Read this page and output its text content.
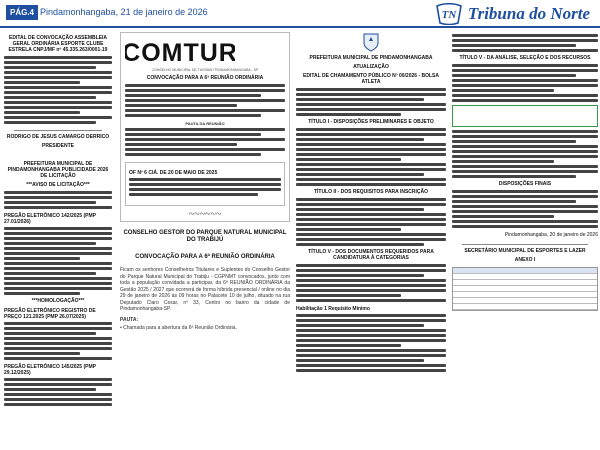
PÁG.4 Pindamonhangaba, 21 de janeiro de 2026	TN Tribuna do Norte
EDITAL DE CONVOCAÇÃO ASSEMBLEIA GERAL ORDINÁRIA ESPORTE CLUBE ESTRELA CNPJ/MF nº 45.335.263/0001-19
RODRIGO DE JESUS CAMARGO DERRICO
PRESIDENTE
PREFEITURA MUNICIPAL DE PINDAMONHANGABA PUBLICIDADE 2026 DE LICITAÇÃO
***AVISO DE LICITAÇÃO***
PREGÃO ELETRÔNICO 142/2025 (PMP 27.01/2026)
***HOMOLOGAÇÃO***
PREGÃO ELETRÔNICO REGISTRO DE PREÇO 121.2025 (PMP 26.07/2025)
PREGÃO ELETRÔNICO 145/2025 (PMP 29.12/2025)
COMTUR
CONSELHO MUNICIPAL DE TURISMO PINDAMONHANGABA - SP
CONVOCAÇÃO PARA A 6ª REUNIÃO ORDINÁRIA
PAUTA DA REUNIÃO
OF Nº 6 CIÁ. DE 20 DE MAIO DE 2025
~~~~~~
CONSELHO GESTOR DO PARQUE NATURAL MUNICIPAL DO TRABIJÚ
CONVOCAÇÃO PARA A 6ª REUNIÃO ORDINÁRIA

Ficam os senhores Conselheiros Titulares e Suplentes do Conselho Gestor do Parque Natural Municipal do Trabiju - CGPNMT convocados, junto com toda a população convidada a participar, da 6ª REUNIÃO ORDINÁRIA da Gestão 2025 / 2027 que ocorrerá de forma híbrida presencial / online no dia 29 de janeiro de 2026 às 09 horas no Palacete 10 de julho, situado na rua Deputado Claro Cesar, nº 33, Centro no bairro da cidade de Pindamonhangaba-SP.

PAUTA:

• Chamada para a abertura da 6ª Reunião Ordinária,

PREFEITURA MUNICIPAL DE PINDAMONHANGABA
ATUALIZAÇÃO
EDITAL DE CHAMAMENTO PÚBLICO Nº 00/2026 - BOLSA ATLETA
TÍTULO I - DISPOSIÇÕES PRELIMINARES E OBJETO
TÍTULO II - DOS REQUISITOS PARA INSCRIÇÃO
TÍTULO V - DOS DOCUMENTOS REQUERIDOS PARA CANDIDATURA À CATEGORIAS
Habilitação 1 Requisito Mínimo
TÍTULO V - DA ANÁLISE, SELEÇÃO E DOS RECURSOS
DISPOSIÇÕES FINAIS
Pindamonhangaba, 20 de janeiro de 2026
SECRETÁRIO MUNICIPAL DE ESPORTES E LAZER
ANEXO I
